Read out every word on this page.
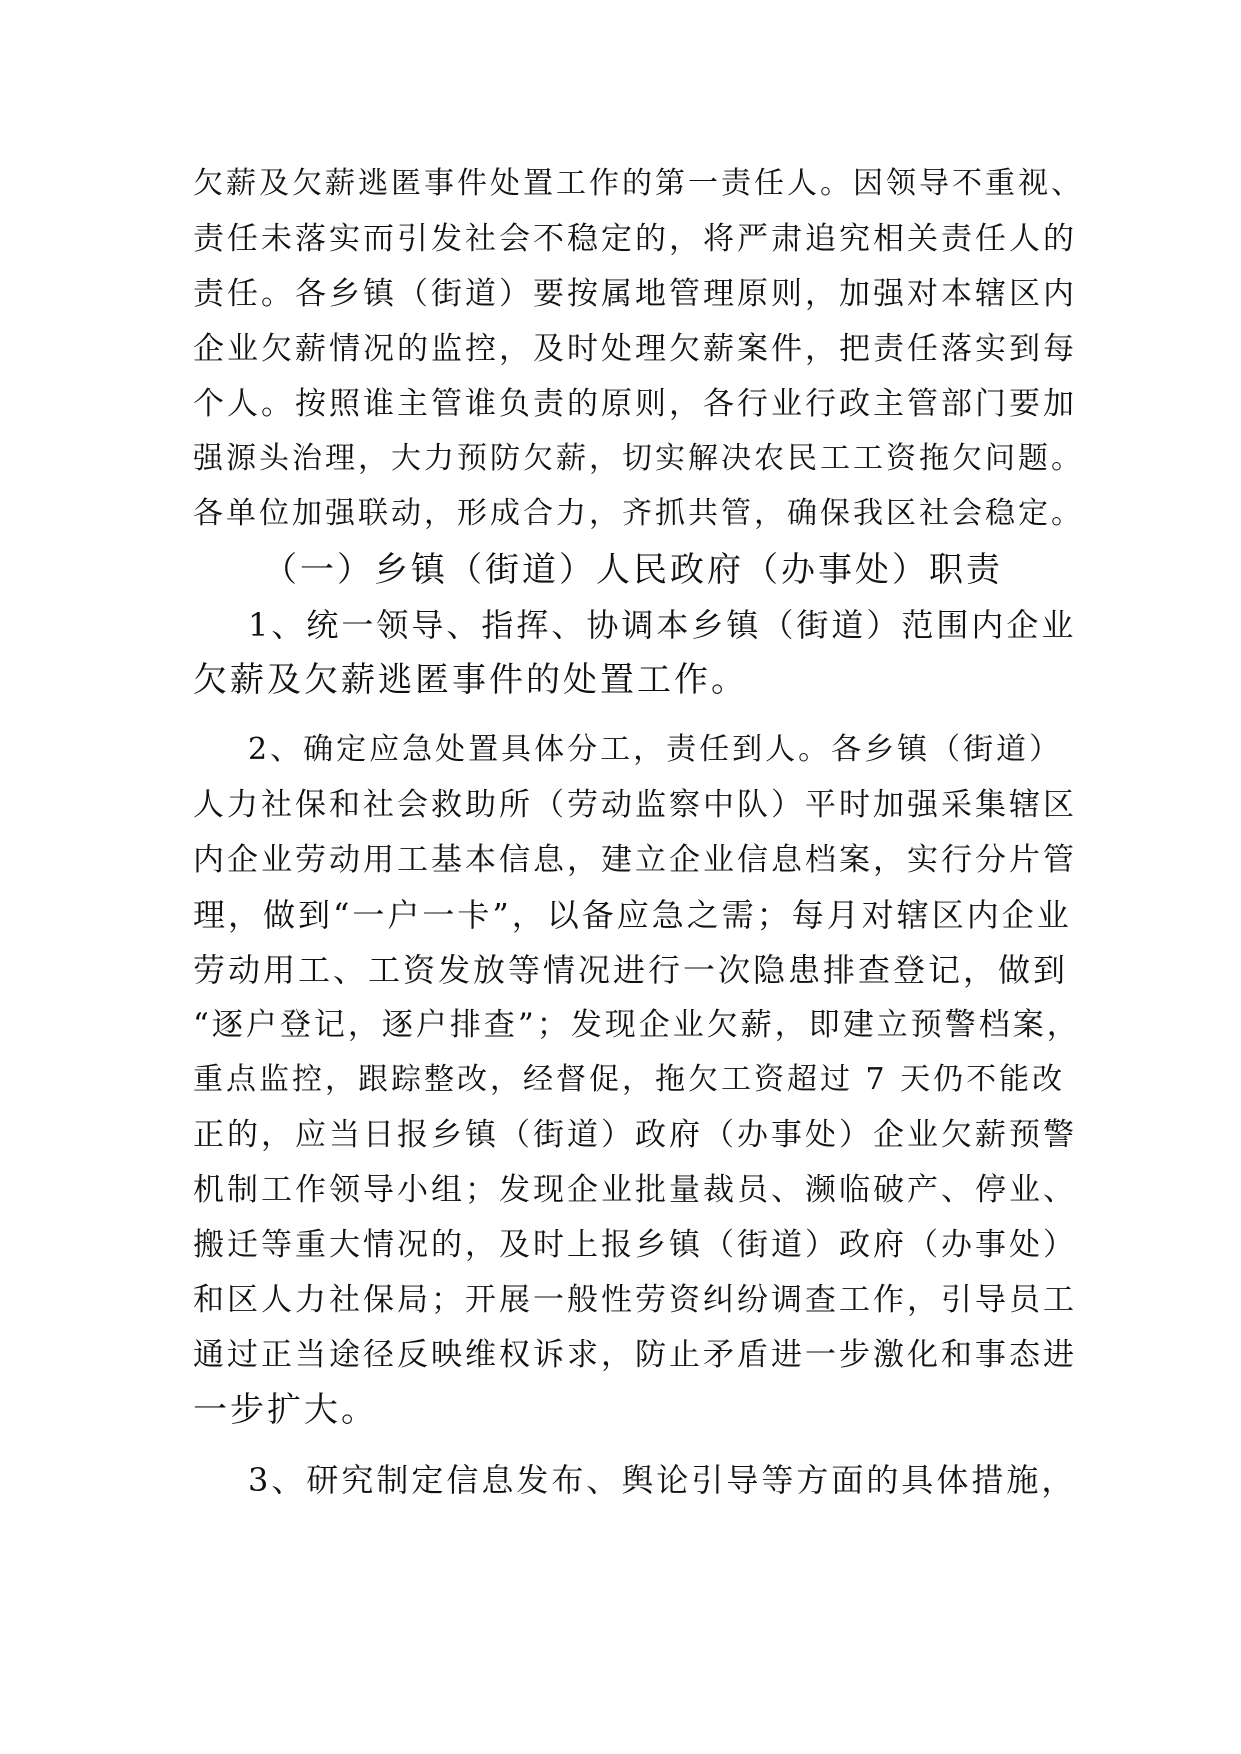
欠薪及欠薪逃匿事件处置工作的第一责任人。因领导不重视、
责任未落实而引发社会不稳定的，将严肃追究相关责任人的
责任。各乡镇（街道）要按属地管理原则，加强对本辖区内
企业欠薪情况的监控，及时处理欠薪案件，把责任落实到每
个人。按照谁主管谁负责的原则，各行业行政主管部门要加
强源头治理，大力预防欠薪，切实解决农民工工资拖欠问题。
各单位加强联动，形成合力，齐抓共管，确保我区社会稳定。
（一）乡镇（街道）人民政府（办事处）职责
1、统一领导、指挥、协调本乡镇（街道）范围内企业
欠薪及欠薪逃匿事件的处置工作。
2、确定应急处置具体分工，责任到人。各乡镇（街道）
人力社保和社会救助所（劳动监察中队）平时加强采集辖区
内企业劳动用工基本信息，建立企业信息档案，实行分片管
理，做到“一户一卡”，以备应急之需；每月对辖区内企业
劳动用工、工资发放等情况进行一次隐患排查登记，做到
“逐户登记，逐户排查”；发现企业欠薪，即建立预警档案，
重点监控，跟踪整改，经督促，拖欠工资超过 7 天仍不能改
正的，应当日报乡镇（街道）政府（办事处）企业欠薪预警
机制工作领导小组；发现企业批量裁员、濒临破产、停业、
搬迁等重大情况的，及时上报乡镇（街道）政府（办事处）
和区人力社保局；开展一般性劳资纠纷调查工作，引导员工
通过正当途径反映维权诉求，防止矛盾进一步激化和事态进
一步扩大。
3、研究制定信息发布、舆论引导等方面的具体措施，
